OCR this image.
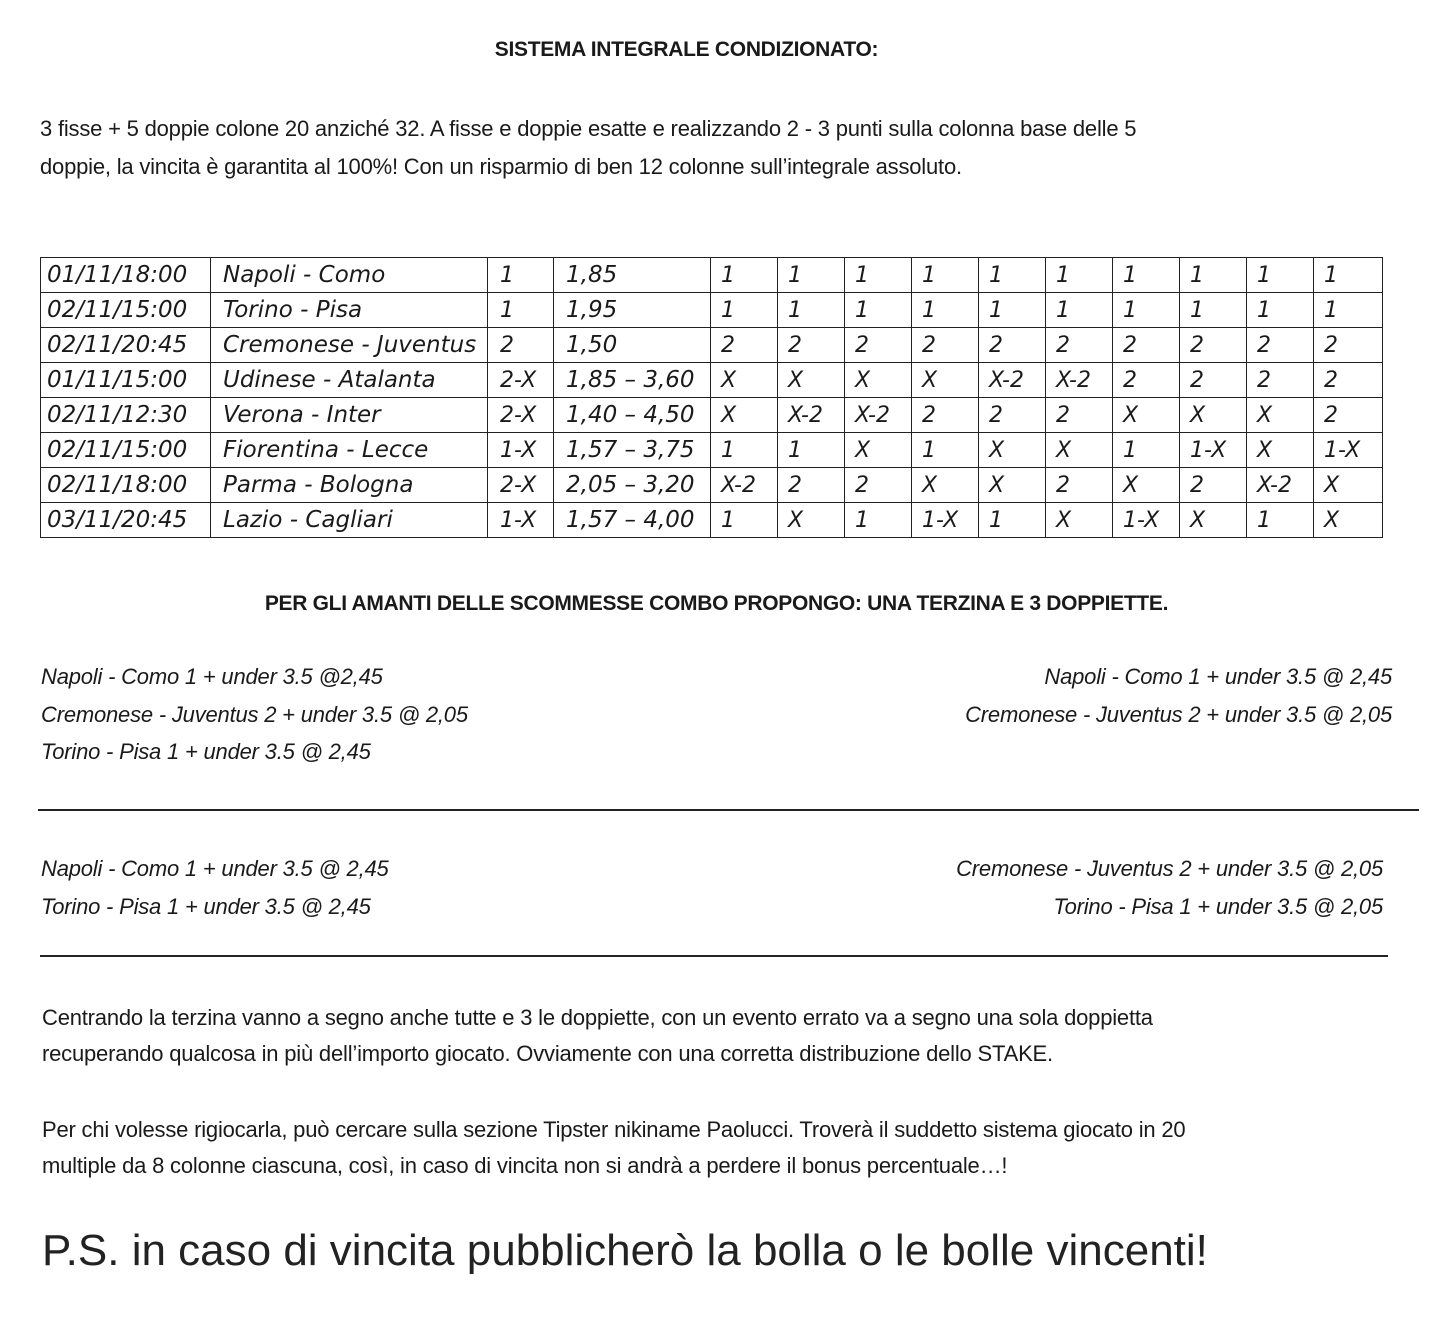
SISTEMA INTEGRALE CONDIZIONATO:
3 fisse + 5 doppie colone 20 anziché 32. A fisse e doppie esatte e realizzando 2 - 3 punti sulla colonna base delle 5
doppie, la vincita è garantita al 100%! Con un risparmio di ben 12 colonne sull’integrale assoluto.
01/11/18:00	Napoli - Como	1	1,85	1	1	1	1	1	1	1	1	1	1
02/11/15:00	Torino - Pisa	1	1,95	1	1	1	1	1	1	1	1	1	1
02/11/20:45	Cremonese - Juventus	2	1,50	2	2	2	2	2	2	2	2	2	2
01/11/15:00	Udinese - Atalanta	2-X	1,85 – 3,60	X	X	X	X	X-2	X-2	2	2	2	2
02/11/12:30	Verona - Inter	2-X	1,40 – 4,50	X	X-2	X-2	2	2	2	X	X	X	2
02/11/15:00	Fiorentina - Lecce	1-X	1,57 – 3,75	1	1	X	1	X	X	1	1-X	X	1-X
02/11/18:00	Parma - Bologna	2-X	2,05 – 3,20	X-2	2	2	X	X	2	X	2	X-2	X
03/11/20:45	Lazio - Cagliari	1-X	1,57 – 4,00	1	X	1	1-X	1	X	1-X	X	1	X
PER GLI AMANTI DELLE SCOMMESSE COMBO PROPONGO: UNA TERZINA E 3 DOPPIETTE.
Napoli - Como 1 + under 3.5 @2,45
Cremonese - Juventus 2 + under 3.5 @ 2,05
Torino - Pisa 1 + under 3.5 @ 2,45
Napoli - Como 1 + under 3.5 @ 2,45
Cremonese - Juventus 2 + under 3.5 @ 2,05
Napoli - Como 1 + under 3.5 @ 2,45
Torino - Pisa 1 + under 3.5 @ 2,45
Cremonese - Juventus 2 + under 3.5 @ 2,05
Torino - Pisa 1 + under 3.5 @ 2,05
Centrando la terzina vanno a segno anche tutte e 3 le doppiette, con un evento errato va a segno una sola doppietta
recuperando qualcosa in più dell’importo giocato. Ovviamente con una corretta distribuzione dello STAKE.
Per chi volesse rigiocarla, può cercare sulla sezione Tipster nikiname Paolucci. Troverà il suddetto sistema giocato in 20
multiple da 8 colonne ciascuna, così, in caso di vincita non si andrà a perdere il bonus percentuale…!
P.S. in caso di vincita pubblicherò la bolla o le bolle vincenti!
